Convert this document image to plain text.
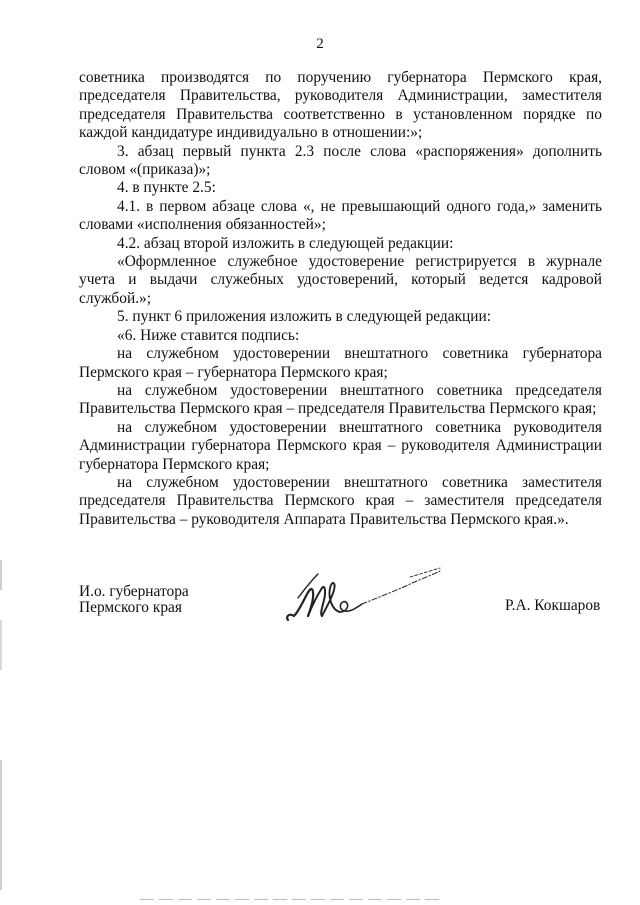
2

советника производятся по поручению губернатора Пермского края, председателя Правительства, руководителя Администрации, заместителя председателя Правительства соответственно в установленном порядке по каждой кандидатуре индивидуально в отношении:»;

3. абзац первый пункта 2.3 после слова «распоряжения» дополнить словом «(приказа)»;

4. в пункте 2.5:

4.1. в первом абзаце слова «, не превышающий одного года,» заменить словами «исполнения обязанностей»;

4.2. абзац второй изложить в следующей редакции:

«Оформленное служебное удостоверение регистрируется в журнале учета и выдачи служебных удостоверений, который ведется кадровой службой.»;

5. пункт 6 приложения изложить в следующей редакции:

«6. Ниже ставится подпись:

на служебном удостоверении внештатного советника губернатора Пермского края – губернатора Пермского края;

на служебном удостоверении внештатного советника председателя Правительства Пермского края – председателя Правительства Пермского края;

на служебном удостоверении внештатного советника руководителя Администрации губернатора Пермского края – руководителя Администрации губернатора Пермского края;

на служебном удостоверении внештатного советника заместителя председателя Правительства Пермского края – заместителя председателя Правительства – руководителя Аппарата Правительства Пермского края.».

И.о. губернатора
Пермского края	Р.А. Кокшаров
